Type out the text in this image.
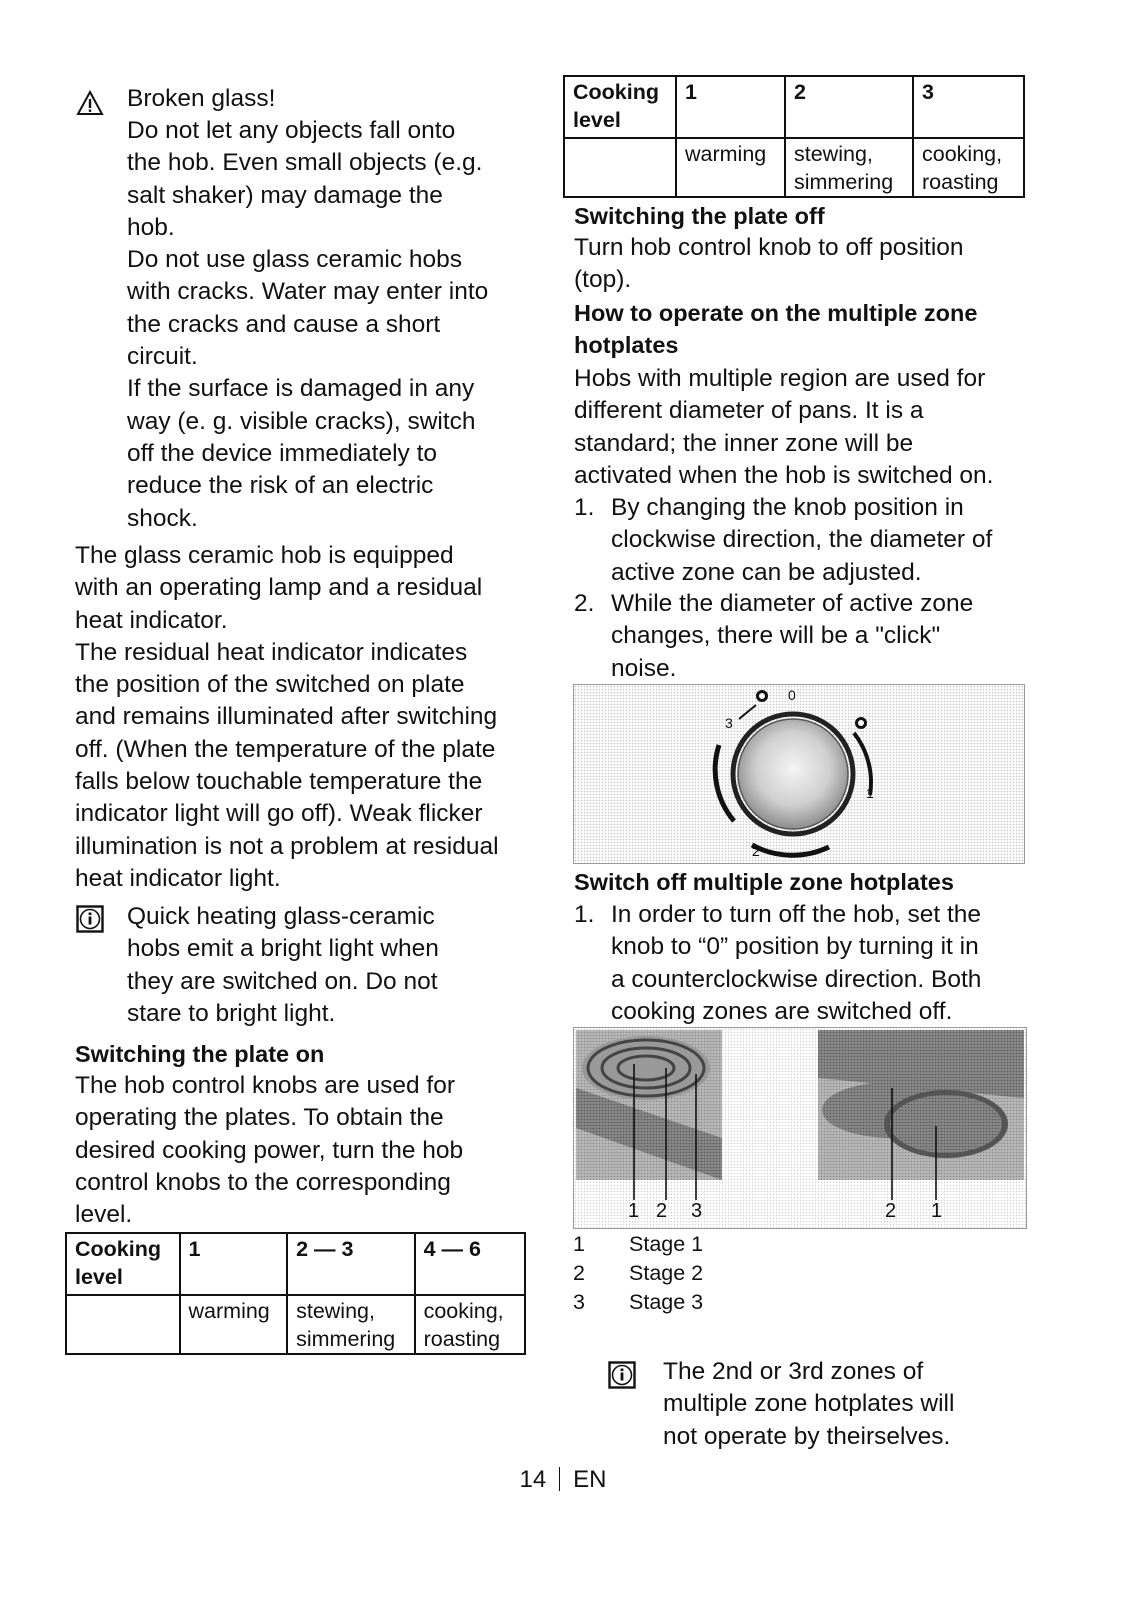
Broken glass!
Do not let any objects fall onto
the hob. Even small objects (e.g.
salt shaker) may damage the
hob.
Do not use glass ceramic hobs
with cracks. Water may enter into
the cracks and cause a short
circuit.
If the surface is damaged in any
way (e. g. visible cracks), switch
off the device immediately to
reduce the risk of an electric
shock.
The glass ceramic hob is equipped
with an operating lamp and a residual
heat indicator.
The residual heat indicator indicates
the position of the switched on plate
and remains illuminated after switching
off. (When the temperature of the plate
falls below touchable temperature the
indicator light will go off). Weak flicker
illumination is not a problem at residual
heat indicator light.
Quick heating glass-ceramic
hobs emit a bright light when
they are switched on. Do not
stare to bright light.
Switching the plate on
The hob control knobs are used for
operating the plates. To obtain the
desired cooking power, turn the hob
control knobs to the corresponding
level.
Cooking
level	1	2 — 3	4 — 6
	warming	stewing,
simmering	cooking,
roasting
Cooking
level	1	2	3
	warming	stewing,
simmering	cooking,
roasting
Switching the plate off
Turn hob control knob to off position
(top).
How to operate on the multiple zone
hotplates
Hobs with multiple region are used for
different diameter of pans. It is a
standard; the inner zone will be
activated when the hob is switched on.
1. By changing the knob position in
clockwise direction, the diameter of
active zone can be adjusted.
2. While the diameter of active zone
changes, there will be a "click"
noise.
0
3
1
2
Switch off multiple zone hotplates
1. In order to turn off the hob, set the
knob to “0” position by turning it in
a counterclockwise direction. Both
cooking zones are switched off.
1 2 3	2 1
1 Stage 1
2 Stage 2
3 Stage 3
The 2nd or 3rd zones of
multiple zone hotplates will
not operate by theirselves.
14 EN
